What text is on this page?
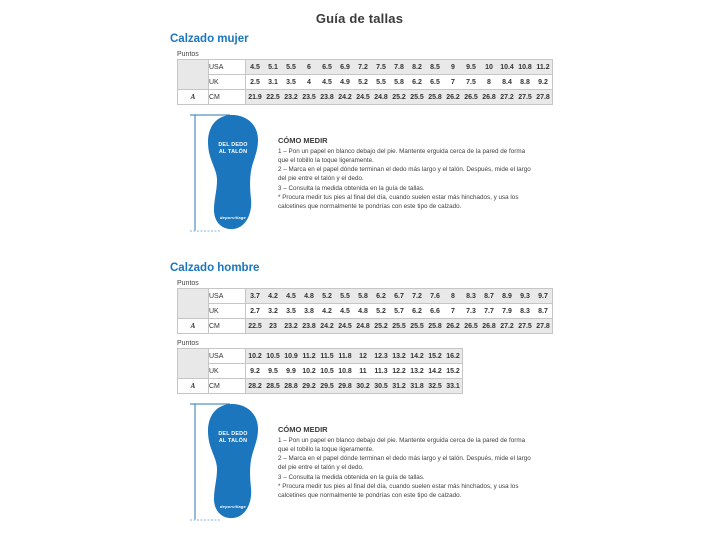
Guía de tallas
Calzado mujer
Puntos
	USA	4.5	5.1	5.5	6	6.5	6.9	7.2	7.5	7.8	8.2	8.5	9	9.5	10	10.4	10.8	11.2
	UK	2.5	3.1	3.5	4	4.5	4.9	5.2	5.5	5.8	6.2	6.5	7	7.5	8	8.4	8.8	9.2
A	CM	21.9	22.5	23.2	23.5	23.8	24.2	24.5	24.8	25.2	25.5	25.8	26.2	26.5	26.8	27.2	27.5	27.8
DEL DEDO
AL TALÓN
deporvillage
CÓMO MEDIR

1 – Pon un papel en blanco debajo del pie. Mantente erguida cerca de la pared de forma que el tobillo la toque ligeramente.

2 – Marca en el papel dónde terminan el dedo más largo y el talón. Después, mide el largo del pie entre el talón y el dedo.

3 – Consulta la medida obtenida en la guía de tallas.

* Procura medir tus pies al final del día, cuando suelen estar más hinchados, y usa los calcetines que normalmente te pondrías con este tipo de calzado.

Calzado hombre
Puntos
	USA	3.7	4.2	4.5	4.8	5.2	5.5	5.8	6.2	6.7	7.2	7.6	8	8.3	8.7	8.9	9.3	9.7
	UK	2.7	3.2	3.5	3.8	4.2	4.5	4.8	5.2	5.7	6.2	6.6	7	7.3	7.7	7.9	8.3	8.7
A	CM	22.5	23	23.2	23.8	24.2	24.5	24.8	25.2	25.5	25.5	25.8	26.2	26.5	26.8	27.2	27.5	27.8
Puntos
	USA	10.2	10.5	10.9	11.2	11.5	11.8	12	12.3	13.2	14.2	15.2	16.2
	UK	9.2	9.5	9.9	10.2	10.5	10.8	11	11.3	12.2	13.2	14.2	15.2
A	CM	28.2	28.5	28.8	29.2	29.5	29.8	30.2	30.5	31.2	31.8	32.5	33.1
DEL DEDO
AL TALÓN
deporvillage
CÓMO MEDIR

1 – Pon un papel en blanco debajo del pie. Mantente erguida cerca de la pared de forma que el tobillo la toque ligeramente.

2 – Marca en el papel dónde terminan el dedo más largo y el talón. Después, mide el largo del pie entre el talón y el dedo.

3 – Consulta la medida obtenida en la guía de tallas.

* Procura medir tus pies al final del día, cuando suelen estar más hinchados, y usa los calcetines que normalmente te pondrías con este tipo de calzado.
